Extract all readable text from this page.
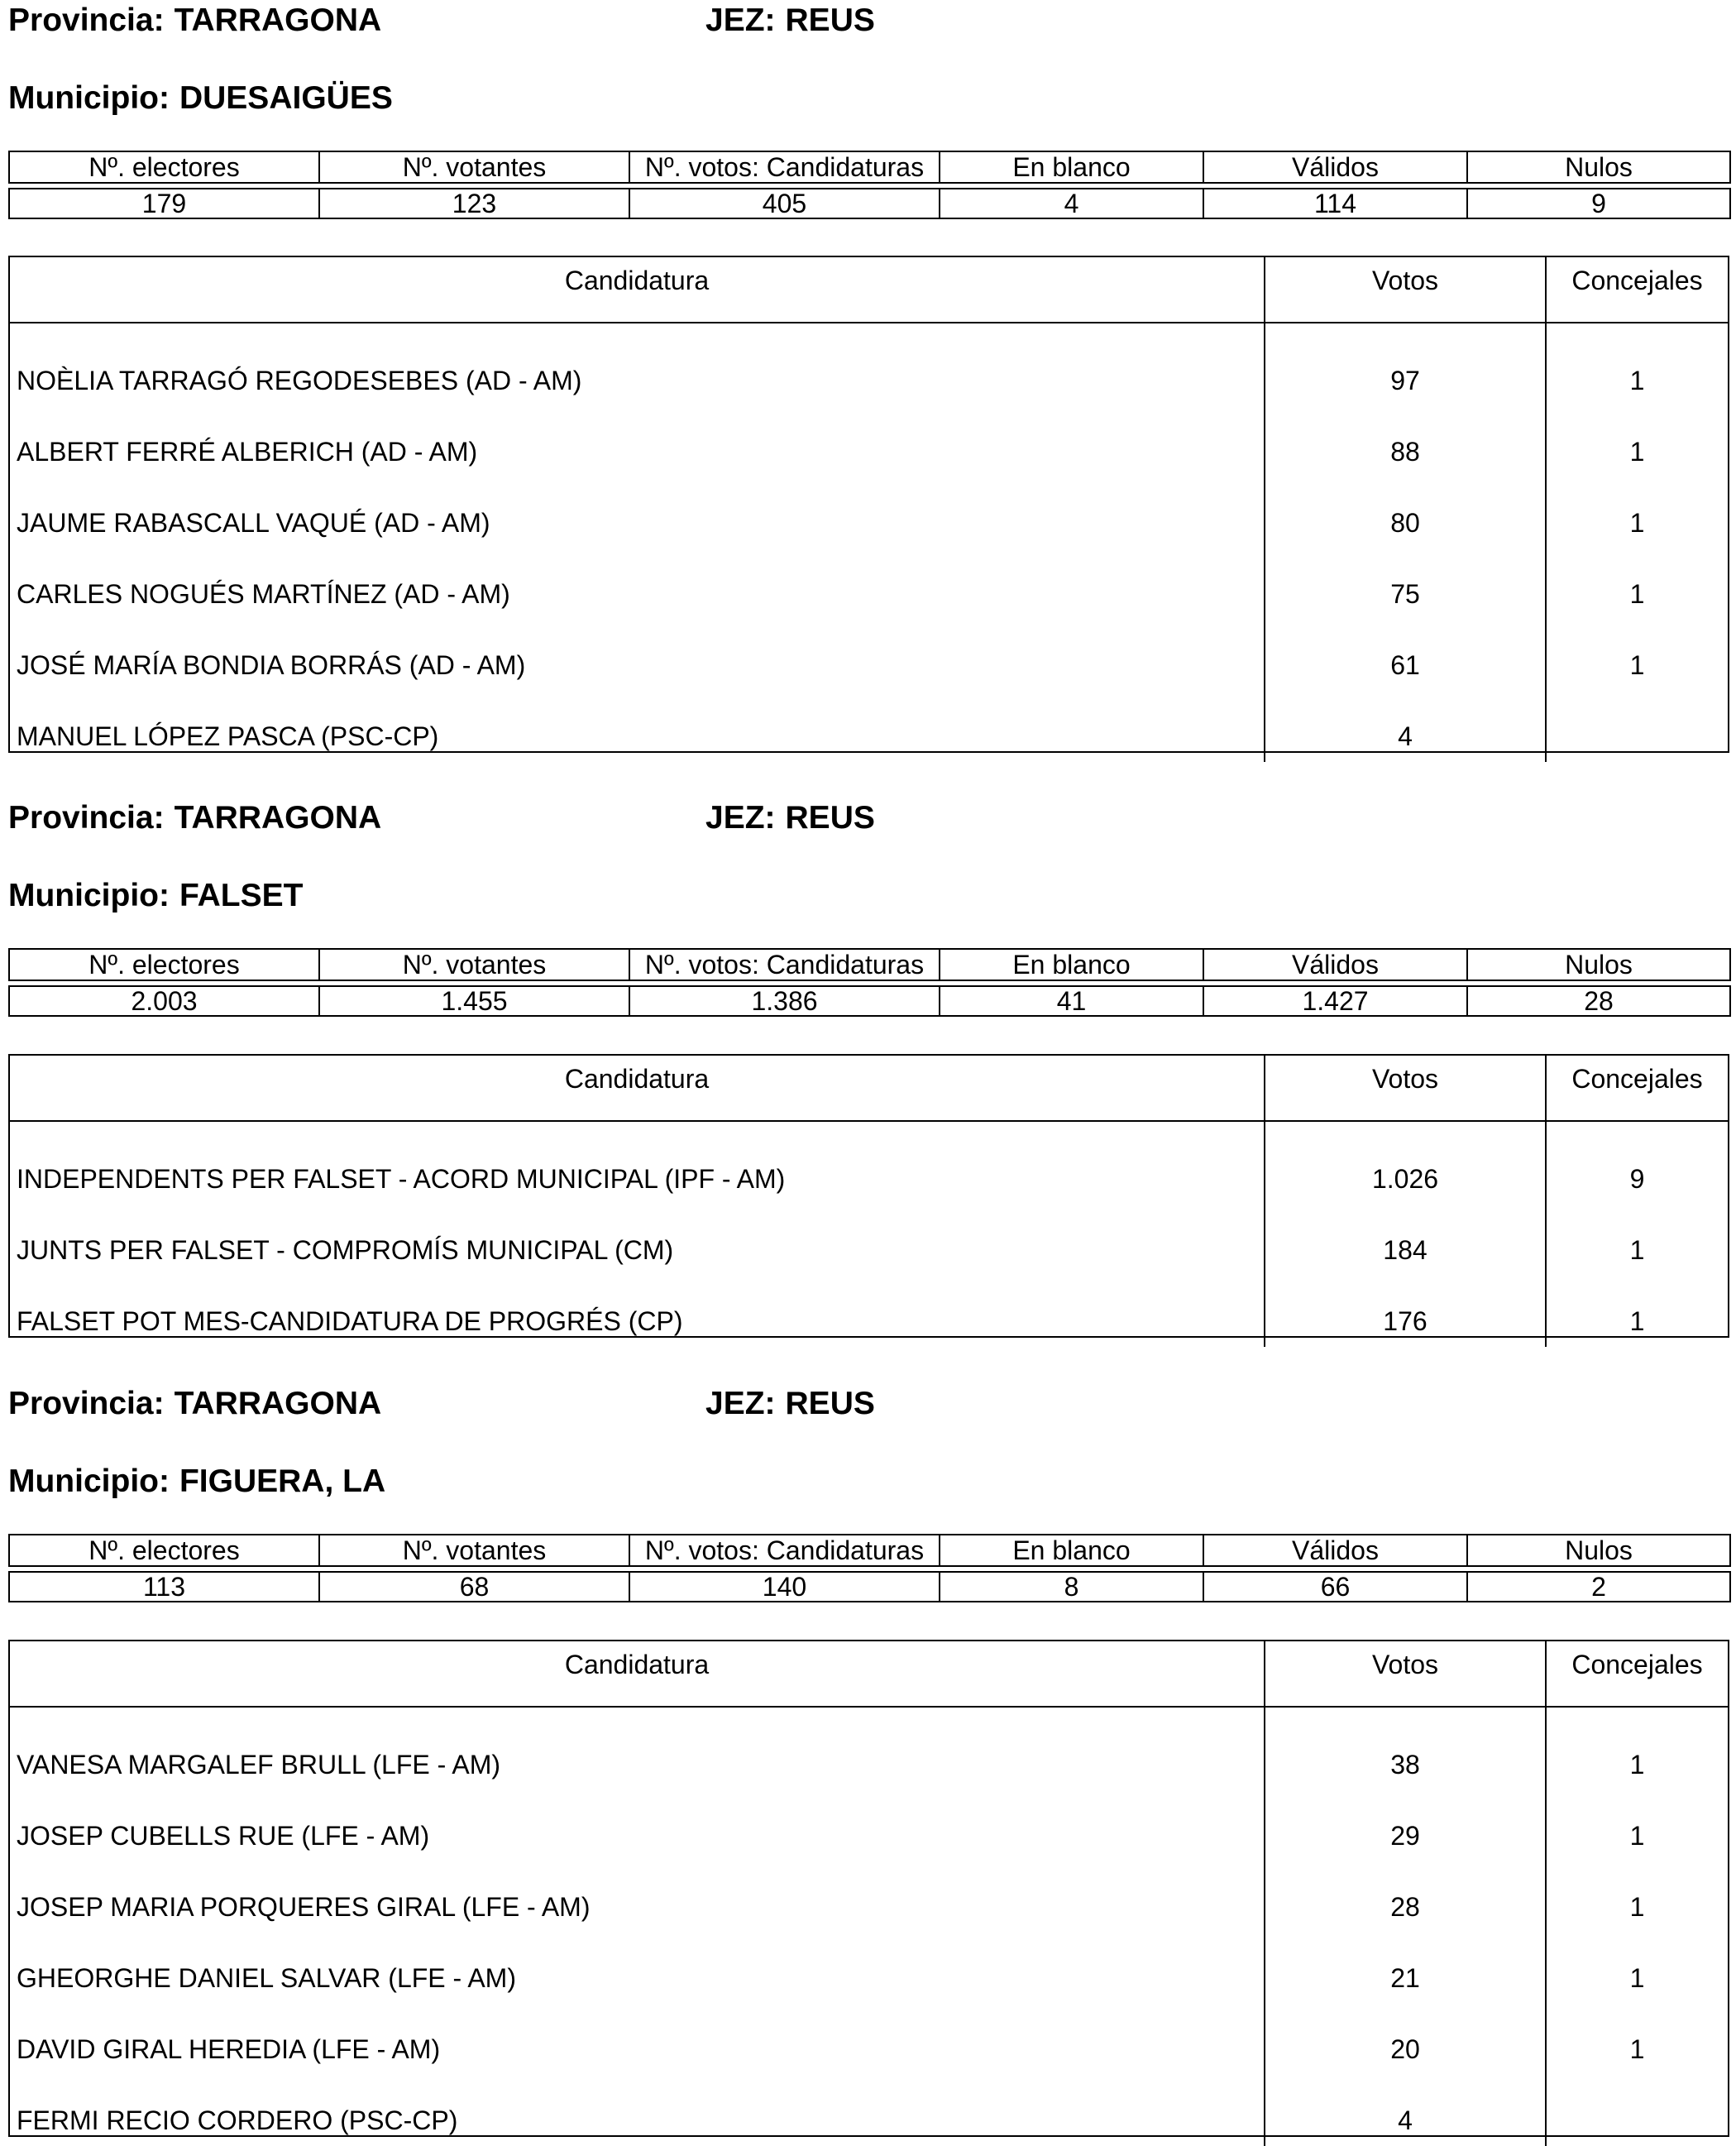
Provincia: TARRAGONA	JEZ: REUS
Municipio: DUESAIGÜES
Nº. electores	Nº. votantes	Nº. votos: Candidaturas	En blanco	Válidos	Nulos

179	123	405	4	114	9
Candidatura	Votos	Concejales
NOÈLIA TARRAGÓ REGODESEBES (AD - AM)	97	1
ALBERT FERRÉ ALBERICH (AD - AM)	88	1
JAUME RABASCALL VAQUÉ (AD - AM)	80	1
CARLES NOGUÉS MARTÍNEZ (AD - AM)	75	1
JOSÉ MARÍA BONDIA BORRÁS (AD - AM)	61	1
MANUEL LÓPEZ PASCA (PSC-CP)	4
Provincia: TARRAGONA	JEZ: REUS
Municipio: FALSET
Nº. electores	Nº. votantes	Nº. votos: Candidaturas	En blanco	Válidos	Nulos

2.003	1.455	1.386	41	1.427	28
Candidatura	Votos	Concejales
INDEPENDENTS PER FALSET - ACORD MUNICIPAL (IPF - AM)	1.026	9
JUNTS PER FALSET - COMPROMÍS MUNICIPAL (CM)	184	1
FALSET POT MES-CANDIDATURA DE PROGRÉS (CP)	176	1
Provincia: TARRAGONA	JEZ: REUS
Municipio: FIGUERA, LA
Nº. electores	Nº. votantes	Nº. votos: Candidaturas	En blanco	Válidos	Nulos

113	68	140	8	66	2
Candidatura	Votos	Concejales
VANESA MARGALEF BRULL (LFE - AM)	38	1
JOSEP CUBELLS RUE (LFE - AM)	29	1
JOSEP MARIA PORQUERES GIRAL (LFE - AM)	28	1
GHEORGHE DANIEL SALVAR (LFE - AM)	21	1
DAVID GIRAL HEREDIA (LFE - AM)	20	1
FERMI RECIO CORDERO (PSC-CP)	4
